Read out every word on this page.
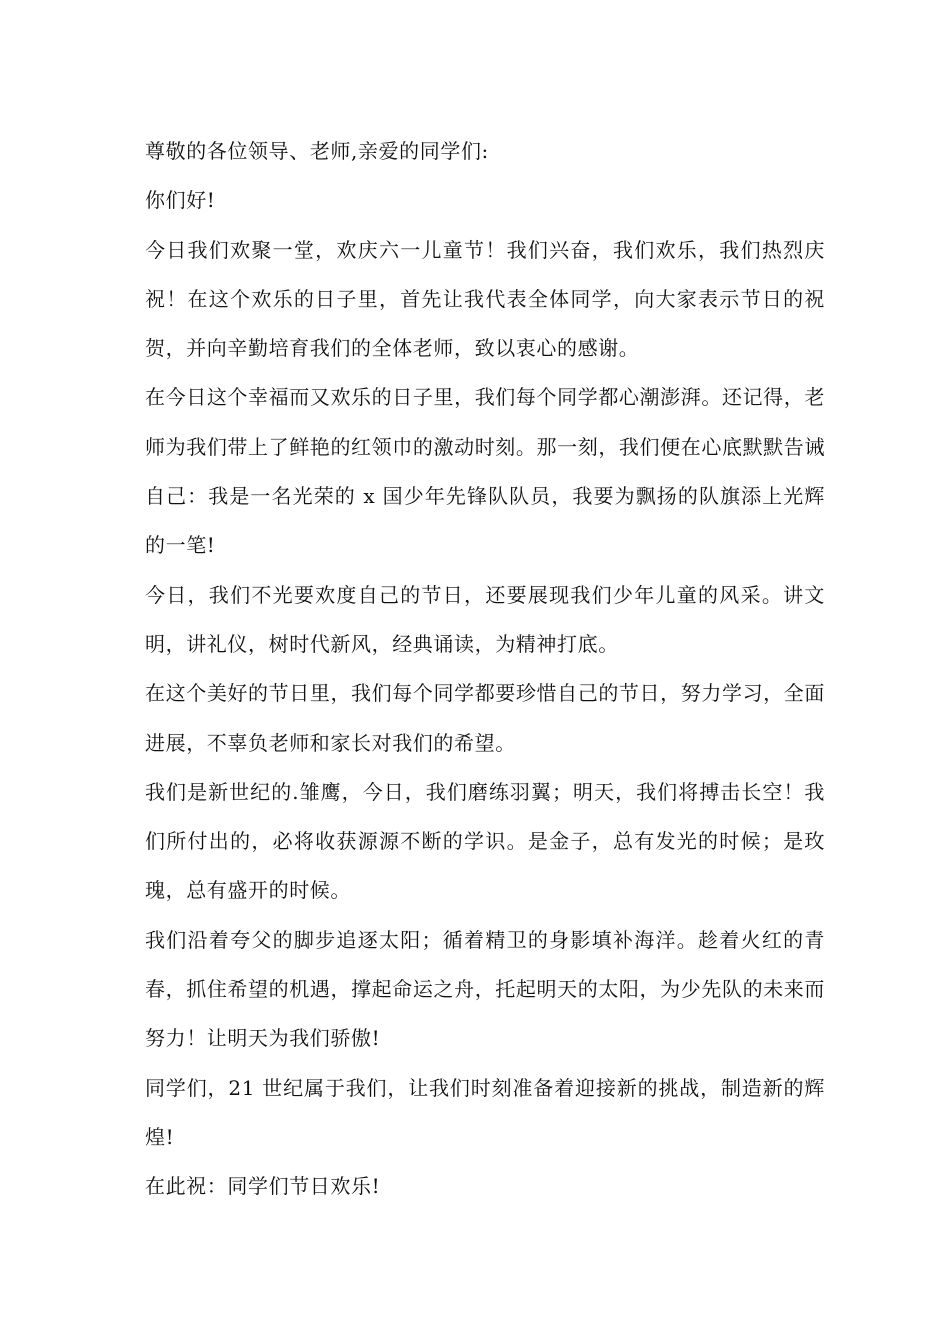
尊敬的各位领导、老师,亲爱的同学们:

你们好!

今日我们欢聚一堂，欢庆六一儿童节！我们兴奋，我们欢乐，我们热烈庆祝！在这个欢乐的日子里，首先让我代表全体同学，向大家表示节日的祝贺，并向辛勤培育我们的全体老师，致以衷心的感谢。

在今日这个幸福而又欢乐的日子里，我们每个同学都心潮澎湃。还记得，老师为我们带上了鲜艳的红领巾的激动时刻。那一刻，我们便在心底默默告诫自己：我是一名光荣的 x 国少年先锋队队员，我要为飘扬的队旗添上光辉的一笔!

今日，我们不光要欢度自己的节日，还要展现我们少年儿童的风采。讲文明，讲礼仪，树时代新风，经典诵读，为精神打底。

在这个美好的节日里，我们每个同学都要珍惜自己的节日，努力学习，全面进展，不辜负老师和家长对我们的希望。

我们是新世纪的.雏鹰，今日，我们磨练羽翼；明天，我们将搏击长空！我们所付出的，必将收获源源不断的学识。是金子，总有发光的时候；是玫瑰，总有盛开的时候。

我们沿着夸父的脚步追逐太阳；循着精卫的身影填补海洋。趁着火红的青春，抓住希望的机遇，撑起命运之舟，托起明天的太阳，为少先队的未来而努力！让明天为我们骄傲!

同学们，21 世纪属于我们，让我们时刻准备着迎接新的挑战，制造新的辉煌!

在此祝：同学们节日欢乐!
